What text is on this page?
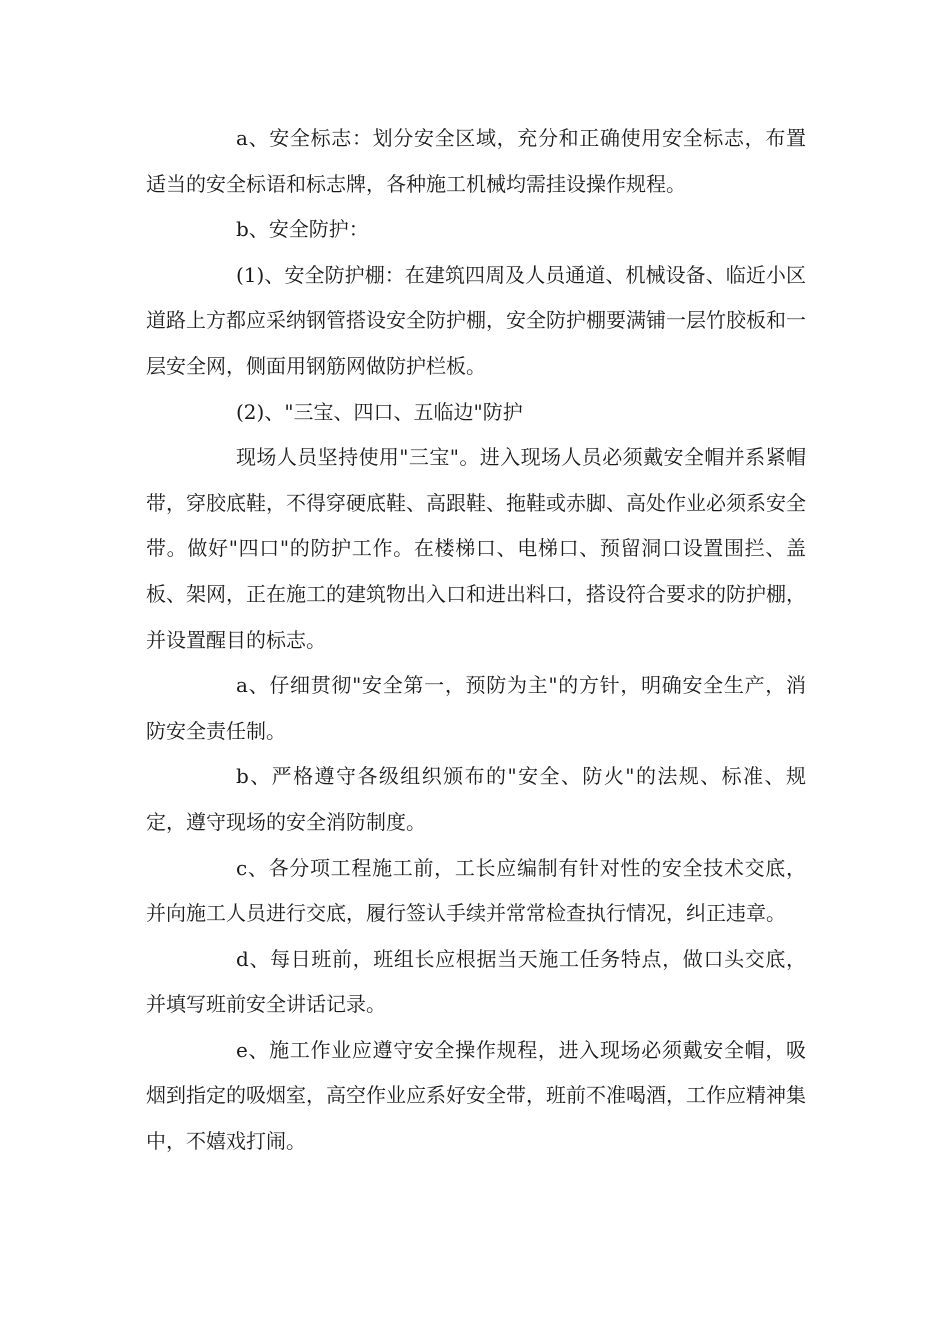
a、安全标志：划分安全区域，充分和正确使用安全标志，布置适当的安全标语和标志牌，各种施工机械均需挂设操作规程。

b、安全防护：

(1)、安全防护棚：在建筑四周及人员通道、机械设备、临近小区道路上方都应采纳钢管搭设安全防护棚，安全防护棚要满铺一层竹胶板和一层安全网，侧面用钢筋网做防护栏板。

(2)、"三宝、四口、五临边"防护

现场人员坚持使用"三宝"。进入现场人员必须戴安全帽并系紧帽带，穿胶底鞋，不得穿硬底鞋、高跟鞋、拖鞋或赤脚、高处作业必须系安全带。做好"四口"的防护工作。在楼梯口、电梯口、预留洞口设置围拦、盖板、架网，正在施工的建筑物出入口和进出料口，搭设符合要求的防护棚，并设置醒目的标志。

a、仔细贯彻"安全第一，预防为主"的方针，明确安全生产，消防安全责任制。

b、严格遵守各级组织颁布的"安全、防火"的法规、标准、规定，遵守现场的安全消防制度。

c、各分项工程施工前，工长应编制有针对性的安全技术交底，并向施工人员进行交底，履行签认手续并常常检查执行情况，纠正违章。

d、每日班前，班组长应根据当天施工任务特点，做口头交底，并填写班前安全讲话记录。

e、施工作业应遵守安全操作规程，进入现场必须戴安全帽，吸烟到指定的吸烟室，高空作业应系好安全带，班前不准喝酒，工作应精神集中，不嬉戏打闹。
